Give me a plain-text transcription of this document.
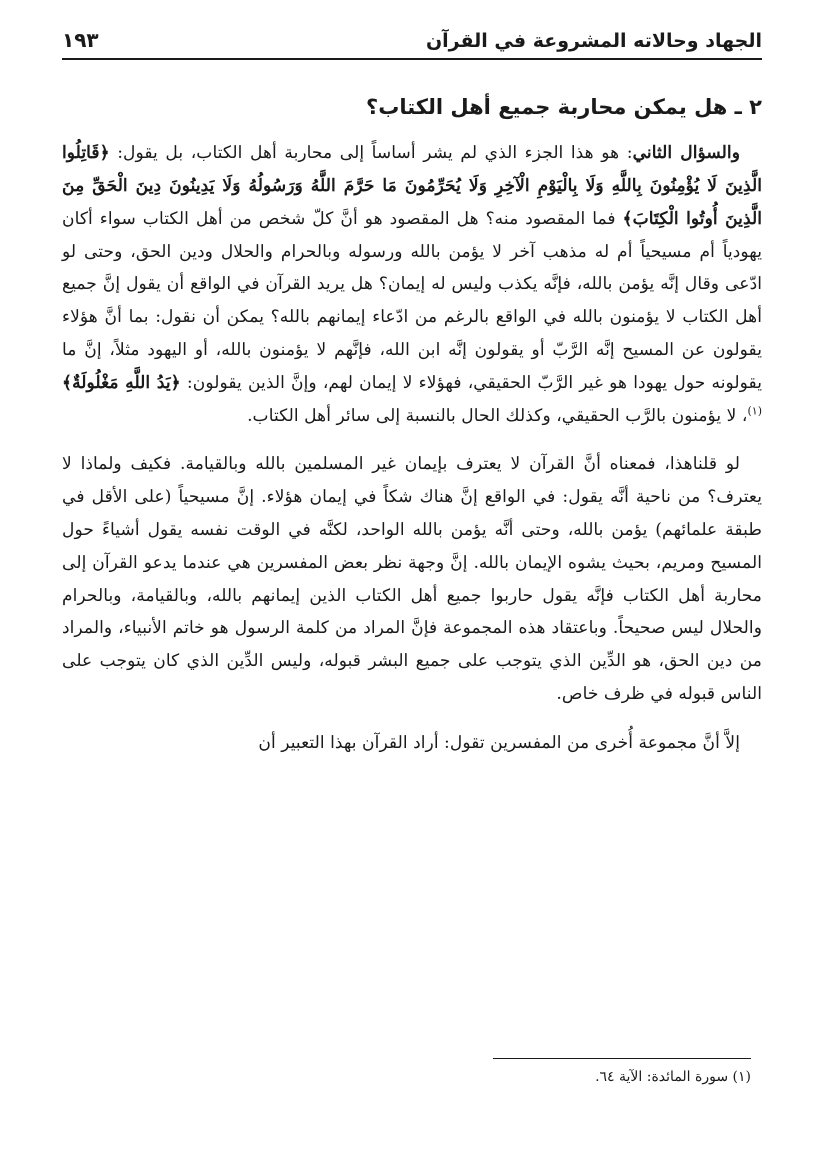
الجهاد وحالاته المشروعة في القرآن
١٩٣
٢ ـ هل يمكن محاربة جميع أهل الكتاب؟

والسؤال الثاني: هو هذا الجزء الذي لم يشر أساساً إلى محاربة أهل الكتاب، بل يقول: ﴿قَاتِلُوا الَّذِينَ لَا يُؤْمِنُونَ بِاللَّهِ وَلَا بِالْيَوْمِ الْآخِرِ وَلَا يُحَرِّمُونَ مَا حَرَّمَ اللَّهُ وَرَسُولُهُ وَلَا يَدِينُونَ دِينَ الْحَقِّ مِنَ الَّذِينَ أُوتُوا الْكِتَابَ﴾ فما المقصود منه؟ هل المقصود هو أنَّ كلّ شخص من أهل الكتاب سواء أكان يهودياً أم مسيحياً أم له مذهب آخر لا يؤمن بالله ورسوله وبالحرام والحلال ودين الحق، وحتى لو ادّعى وقال إنَّه يؤمن بالله، فإنَّه يكذب وليس له إيمان؟ هل يريد القرآن في الواقع أن يقول إنَّ جميع أهل الكتاب لا يؤمنون بالله في الواقع بالرغم من ادّعاء إيمانهم بالله؟ يمكن أن نقول: بما أنَّ هؤلاء يقولون عن المسيح إنَّه الرَّبّ أو يقولون إنَّه ابن الله، فإنَّهم لا يؤمنون بالله، أو اليهود مثلاً، إنَّ ما يقولونه حول يهودا هو غير الرَّبّ الحقيقي، فهؤلاء لا إيمان لهم، وإنَّ الذين يقولون: ﴿يَدُ اللَّهِ مَغْلُولَةٌ﴾$^{(١)}$، لا يؤمنون بالرَّب الحقيقي، وكذلك الحال بالنسبة إلى سائر أهل الكتاب.

لو قلناهذا، فمعناه أنَّ القرآن لا يعترف بإيمان غير المسلمين بالله وبالقيامة. فكيف ولماذا لا يعترف؟ من ناحية أنَّه يقول: في الواقع إنَّ هناك شكاً في إيمان هؤلاء. إنَّ مسيحياً (على الأقل في طبقة علمائهم) يؤمن بالله، وحتى أنَّه يؤمن بالله الواحد، لكنَّه في الوقت نفسه يقول أشياءً حول المسيح ومريم، بحيث يشوه الإيمان بالله. إنَّ وجهة نظر بعض المفسرين هي عندما يدعو القرآن إلى محاربة أهل الكتاب فإنَّه يقول حاربوا جميع أهل الكتاب الذين إيمانهم بالله، وبالقيامة، وبالحرام والحلال ليس صحيحاً. وباعتقاد هذه المجموعة فإنَّ المراد من كلمة الرسول هو خاتم الأنبياء، والمراد من دين الحق، هو الدِّين الذي يتوجب على جميع البشر قبوله، وليس الدِّين الذي كان يتوجب على الناس قبوله في ظرف خاص.

إلاَّ أنَّ مجموعة أُخرى من المفسرين تقول: أراد القرآن بهذا التعبير أن

(١) سورة المائدة: الآية ٦٤.
